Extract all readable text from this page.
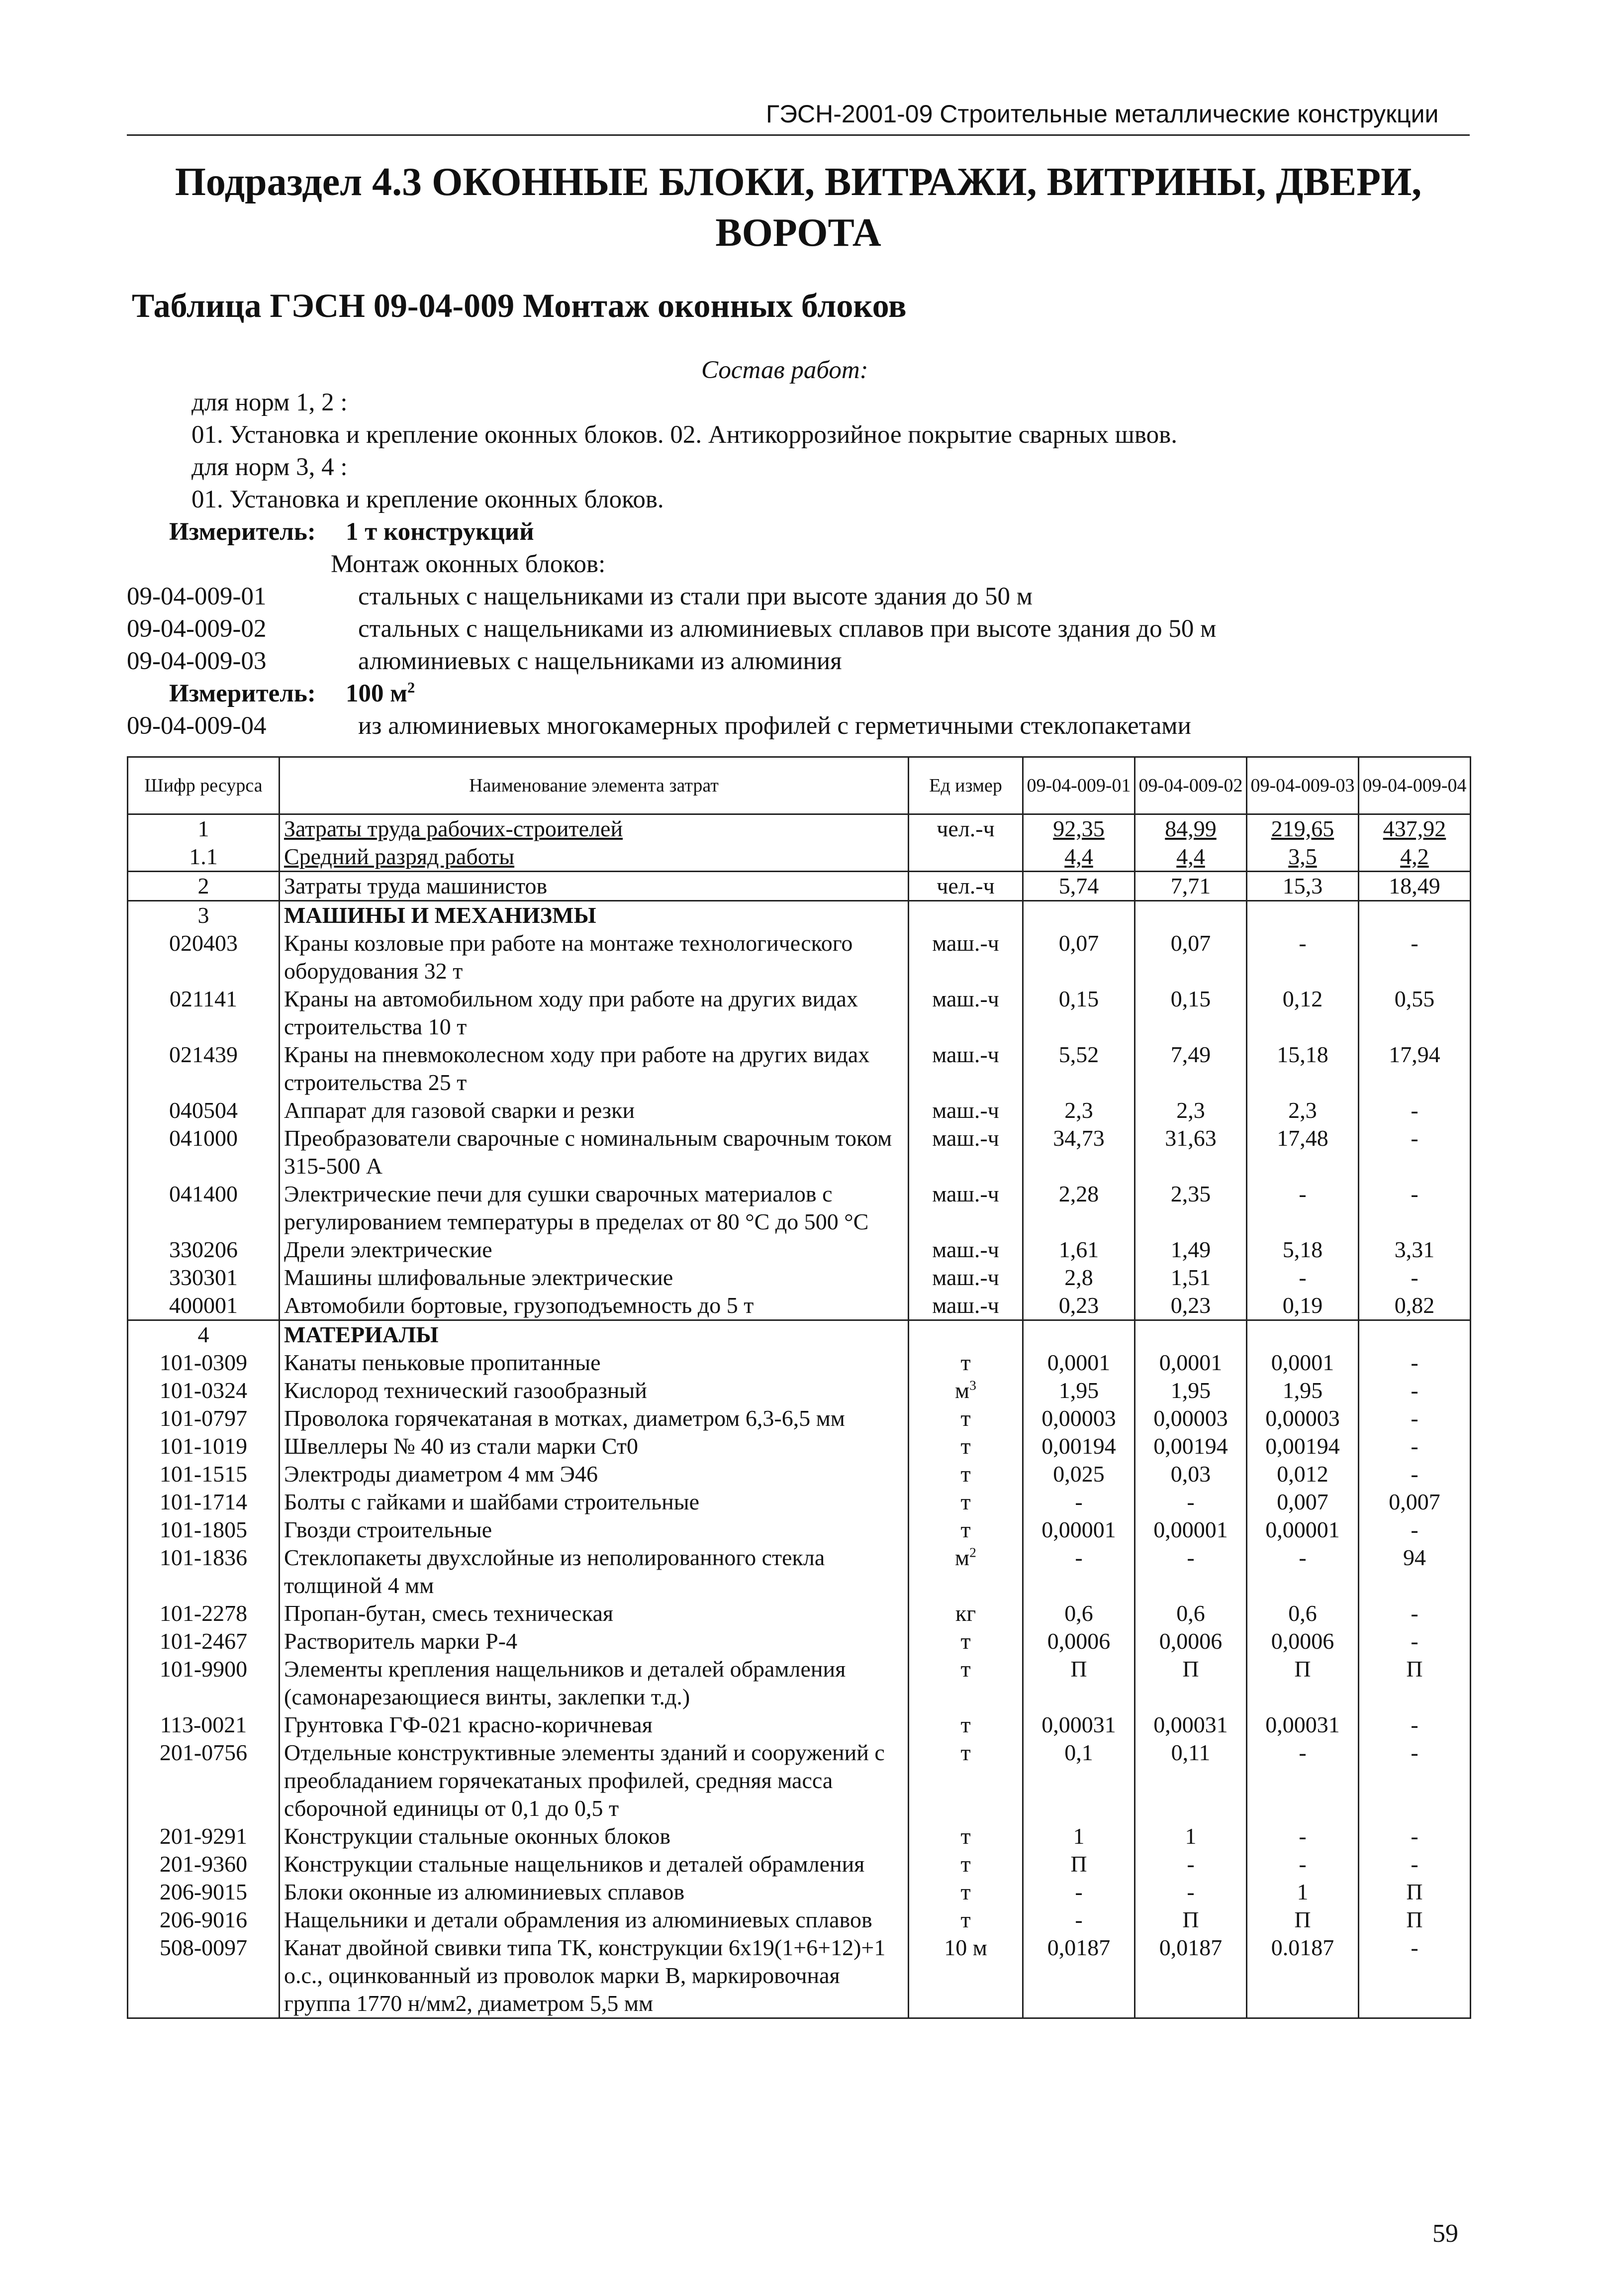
ГЭСН-2001-09 Строительные металлические конструкции
Подраздел 4.3 ОКОННЫЕ БЛОКИ, ВИТРАЖИ, ВИТРИНЫ, ДВЕРИ, ВОРОТА
Таблица ГЭСН 09-04-009 Монтаж оконных блоков
Состав работ:
для норм 1, 2 :
01. Установка и крепление оконных блоков. 02. Антикоррозийное покрытие сварных швов.
для норм 3, 4 :
01. Установка и крепление оконных блоков.
Измеритель: 1 т конструкций
Монтаж оконных блоков:
09-04-009-01	стальных с нащельниками из стали при высоте здания до 50 м
09-04-009-02	стальных с нащельниками из алюминиевых сплавов при высоте здания до 50 м
09-04-009-03	алюминиевых с нащельниками из алюминия
Измеритель: 100 $м^2$
09-04-009-04	из алюминиевых многокамерных профилей с герметичными стеклопакетами
Шифр ресурса	Наименование элемента затрат	Ед измер	09-04-009-01	09-04-009-02	09-04-009-03	09-04-009-04
1	Затраты труда рабочих-строителей	чел.-ч	92,35	84,99	219,65	437,92
1.1	Средний разряд работы		4,4	4,4	3,5	4,2
2	Затраты труда машинистов	чел.-ч	5,74	7,71	15,3	18,49
3	МАШИНЫ И МЕХАНИЗМЫ					
020403	Краны козловые при работе на монтаже технологического оборудования 32 т	маш.-ч	0,07	0,07	-	-
021141	Краны на автомобильном ходу при работе на других видах строительства 10 т	маш.-ч	0,15	0,15	0,12	0,55
021439	Краны на пневмоколесном ходу при работе на других видах строительства 25 т	маш.-ч	5,52	7,49	15,18	17,94
040504	Аппарат для газовой сварки и резки	маш.-ч	2,3	2,3	2,3	-
041000	Преобразователи сварочные с номинальным сварочным током 315-500 А	маш.-ч	34,73	31,63	17,48	-
041400	Электрические печи для сушки сварочных материалов с регулированием температуры в пределах от 80 °С до 500 °С	маш.-ч	2,28	2,35	-	-
330206	Дрели электрические	маш.-ч	1,61	1,49	5,18	3,31
330301	Машины шлифовальные электрические	маш.-ч	2,8	1,51	-	-
400001	Автомобили бортовые, грузоподъемность до 5 т	маш.-ч	0,23	0,23	0,19	0,82
4	МАТЕРИАЛЫ					
101-0309	Канаты пеньковые пропитанные	т	0,0001	0,0001	0,0001	-
101-0324	Кислород технический газообразный	$м^3$	1,95	1,95	1,95	-
101-0797	Проволока горячекатаная в мотках, диаметром 6,3-6,5 мм	т	0,00003	0,00003	0,00003	-
101-1019	Швеллеры № 40 из стали марки Ст0	т	0,00194	0,00194	0,00194	-
101-1515	Электроды диаметром 4 мм Э46	т	0,025	0,03	0,012	-
101-1714	Болты с гайками и шайбами строительные	т	-	-	0,007	0,007
101-1805	Гвозди строительные	т	0,00001	0,00001	0,00001	-
101-1836	Стеклопакеты двухслойные из неполированного стекла толщиной 4 мм	$м^2$	-	-	-	94
101-2278	Пропан-бутан, смесь техническая	кг	0,6	0,6	0,6	-
101-2467	Растворитель марки Р-4	т	0,0006	0,0006	0,0006	-
101-9900	Элементы крепления нащельников и деталей обрамления (самонарезающиеся винты, заклепки т.д.)	т	П	П	П	П
113-0021	Грунтовка ГФ-021 красно-коричневая	т	0,00031	0,00031	0,00031	-
201-0756	Отдельные конструктивные элементы зданий и сооружений с преобладанием горячекатаных профилей, средняя масса сборочной единицы от 0,1 до 0,5 т	т	0,1	0,11	-	-
201-9291	Конструкции стальные оконных блоков	т	1	1	-	-
201-9360	Конструкции стальные нащельников и деталей обрамления	т	П	-	-	-
206-9015	Блоки оконные из алюминиевых сплавов	т	-	-	1	П
206-9016	Нащельники и детали обрамления из алюминиевых сплавов	т	-	П	П	П
508-0097	Канат двойной свивки типа ТК, конструкции 6x19(1+6+12)+1 о.с., оцинкованный из проволок марки В, маркировочная группа 1770 н/мм2, диаметром 5,5 мм	10 м	0,0187	0,0187	0.0187	-
59
